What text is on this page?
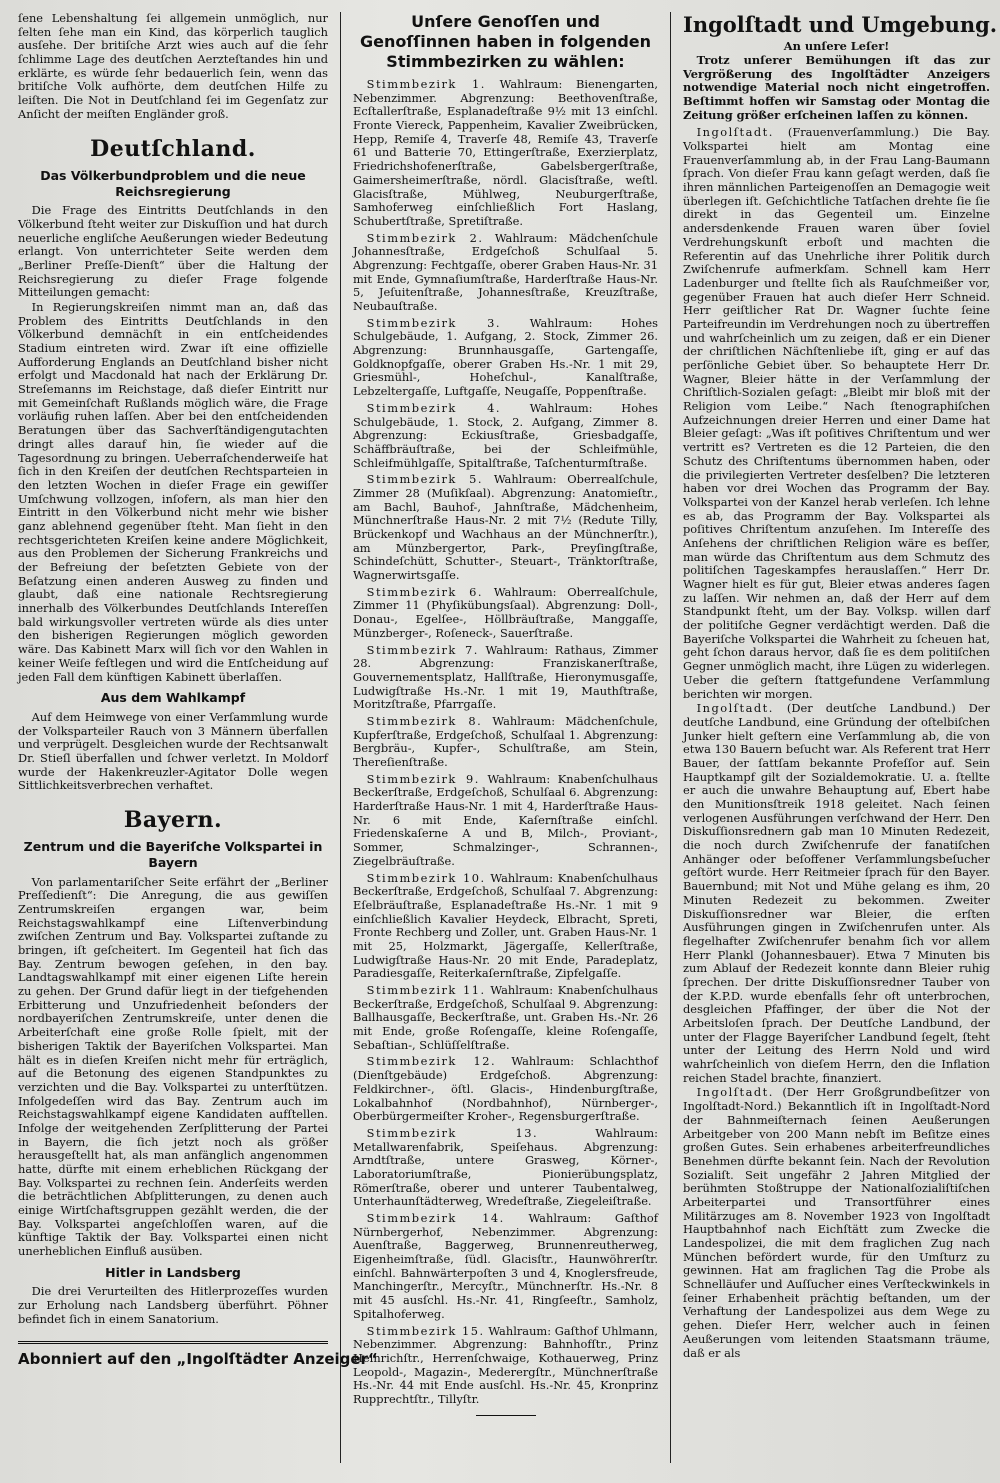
ſene Lebenshaltung ſei allgemein unmöglich, nur ſelten ſehe man ein Kind, das körperlich tauglich ausſehe. Der britiſche Arzt wies auch auf die ſehr ſchlimme Lage des deutſchen Aerzteſtandes hin und erklärte, es würde ſehr bedauerlich ſein, wenn das britiſche Volk aufhörte, dem deutſchen Hilfe zu leiſten. Die Not in Deutſchland ſei im Gegenſatz zur Anſicht der meiſten Engländer groß.

Deutſchland.
Das Völkerbundproblem und die neue Reichsregierung

Die Frage des Eintritts Deutſchlands in den Völkerbund ſteht weiter zur Diskuſſion und hat durch neuerliche engliſche Aeußerungen wieder Bedeutung erlangt. Von unterrichteter Seite werden dem „Berliner Preſſe-Dienſt“ über die Haltung der Reichsregierung zu dieſer Frage folgende Mitteilungen gemacht:

In Regierungskreiſen nimmt man an, daß das Problem des Eintritts Deutſchlands in den Völkerbund demnächſt in ein entſcheidendes Stadium eintreten wird. Zwar iſt eine offizielle Aufforderung Englands an Deutſchland bisher nicht erfolgt und Macdonald hat nach der Erklärung Dr. Streſemanns im Reichstage, daß dieſer Eintritt nur mit Gemeinſchaft Rußlands möglich wäre, die Frage vorläufig ruhen laſſen. Aber bei den entſcheidenden Beratungen über das Sachverſtändigengutachten dringt alles darauf hin, ſie wieder auf die Tagesordnung zu bringen. Ueberraſchenderweiſe hat ſich in den Kreiſen der deutſchen Rechtsparteien in den letzten Wochen in dieſer Frage ein gewiſſer Umſchwung vollzogen, inſofern, als man hier den Eintritt in den Völkerbund nicht mehr wie bisher ganz ablehnend gegenüber ſteht. Man ſieht in den rechtsgerichteten Kreiſen keine andere Möglichkeit, aus den Problemen der Sicherung Frankreichs und der Befreiung der beſetzten Gebiete von der Beſatzung einen anderen Ausweg zu finden und glaubt, daß eine nationale Rechtsregierung innerhalb des Völkerbundes Deutſchlands Intereſſen bald wirkungsvoller vertreten würde als dies unter den bisherigen Regierungen möglich geworden wäre. Das Kabinett Marx will ſich vor den Wahlen in keiner Weiſe feſtlegen und wird die Entſcheidung auf jeden Fall dem künftigen Kabinett überlaſſen.

Aus dem Wahlkampf

Auf dem Heimwege von einer Verſammlung wurde der Volksparteiler Rauch von 3 Männern überfallen und verprügelt. Desgleichen wurde der Rechtsanwalt Dr. Stieſl überfallen und ſchwer verletzt. In Moldorf wurde der Hakenkreuzler-Agitator Dolle wegen Sittlichkeitsverbrechen verhaftet.

Bayern.
Zentrum und die Bayeriſche Volkspartei in Bayern

Von parlamentariſcher Seite erfährt der „Berliner Preſſedienſt“: Die Anregung, die aus gewiſſen Zentrumskreiſen ergangen war, beim Reichstagswahlkampf eine Liſtenverbindung zwiſchen Zentrum und Bay. Volkspartei zuſtande zu bringen, iſt geſcheitert. Im Gegenteil hat ſich das Bay. Zentrum bewogen geſehen, in den bay. Landtagswahlkampf mit einer eigenen Liſte herein zu gehen. Der Grund dafür liegt in der tiefgehenden Erbitterung und Unzufriedenheit beſonders der nordbayeriſchen Zentrumskreiſe, unter denen die Arbeiterſchaft eine große Rolle ſpielt, mit der bisherigen Taktik der Bayeriſchen Volkspartei. Man hält es in dieſen Kreiſen nicht mehr für erträglich, auf die Betonung des eigenen Standpunktes zu verzichten und die Bay. Volkspartei zu unterſtützen. Infolgedeſſen wird das Bay. Zentrum auch im Reichstagswahlkampf eigene Kandidaten aufſtellen. Infolge der weitgehenden Zerſplitterung der Partei in Bayern, die ſich jetzt noch als größer herausgeſtellt hat, als man anfänglich angenommen hatte, dürfte mit einem erheblichen Rückgang der Bay. Volkspartei zu rechnen ſein. Anderſeits werden die beträchtlichen Abſplitterungen, zu denen auch einige Wirtſchaftsgruppen gezählt werden, die der Bay. Volkspartei angeſchloſſen waren, auf die künftige Taktik der Bay. Volkspartei einen nicht unerheblichen Einfluß ausüben.

Hitler in Landsberg

Die drei Verurteilten des Hitlerprozeſſes wurden zur Erholung nach Landsberg überführt. Pöhner befindet ſich in einem Sanatorium.

Abonniert auf den „Ingolſtädter Anzeiger“
Unſere Genoſſen und Genoſſinnen haben in folgenden Stimmbezirken zu wählen:

Stimmbezirk 1. Wahlraum: Bienengarten, Nebenzimmer. Abgrenzung: Beethovenſtraße, Ecſtallerſtraße, Esplanadeſtraße 9½ mit 13 einſchl. Fronte Viereck, Pappenheim, Kavalier Zweibrücken, Hepp, Remiſe 4, Traverſe 48, Remiſe 43, Traverſe 61 und Batterie 70, Ettingerſtraße, Exerzierplatz, Friedrichshofenerſtraße, Gabelsbergerſtraße, Gaimersheimerſtraße, nördl. Glacisſtraße, weſtl. Glacisſtraße, Mühlweg, Neuburgerſtraße, Samhoferweg einſchließlich Fort Haslang, Schubertſtraße, Spretiſtraße.

Stimmbezirk 2. Wahlraum: Mädchenſchule Johannesſtraße, Erdgeſchoß Schulſaal 5. Abgrenzung: Fechtgaſſe, oberer Graben Haus-Nr. 31 mit Ende, Gymnaſiumſtraße, Harderſtraße Haus-Nr. 5, Jeſuitenſtraße, Johannesſtraße, Kreuzſtraße, Neubauſtraße.

Stimmbezirk 3.	Wahlraum: Hohes Schulgebäude, 1. Aufgang, 2. Stock, Zimmer 26. Abgrenzung: Brunnhausgaſſe, Gartengaſſe, Goldknopfgaſſe, oberer Graben Hs.-Nr. 1 mit 29, Griesmühl-, Hoheſchul-, Kanalſtraße, Lebzeltergaſſe, Luftgaſſe, Neugaſſe, Poppenſtraße.

Stimmbezirk 4.	Wahlraum: Hohes Schulgebäude, 1. Stock, 2. Aufgang, Zimmer 8. Abgrenzung: Eckiusſtraße, Griesbadgaſſe, Schäffbräuſtraße, bei der Schleifmühle, Schleifmühlgaſſe, Spitalſtraße, Taſchenturmſtraße.

Stimmbezirk 5. Wahlraum: Oberrealſchule, Zimmer 28 (Muſikſaal). Abgrenzung: Anatomieſtr., am Bachl, Bauhof-, Jahnſtraße, Mädchenheim, Münchnerſtraße Haus-Nr. 2 mit 7½ (Redute Tilly, Brückenkopf und Wachhaus an der Münchnerſtr.), am Münzbergertor, Park-, Preyſingſtraße, Schindeſchütt, Schutter-, Steuart-, Tränktorſtraße, Wagnerwirtsgaſſe.

Stimmbezirk 6. Wahlraum: Oberrealſchule, Zimmer 11 (Phyſikübungsſaal). Abgrenzung: Doll-, Donau-, Egelſee-, Höllbräuſtraße, Manggaſſe, Münzberger-, Roſeneck-, Sauerſtraße.

Stimmbezirk 7. Wahlraum: Rathaus, Zimmer 28. Abgrenzung: Franziskanerſtraße, Gouvernementsplatz, Hallſtraße, Hieronymusgaſſe, Ludwigſtraße Hs.-Nr. 1 mit 19, Mauthſtraße, Moritzſtraße, Pfarrgaſſe.

Stimmbezirk 8. Wahlraum: Mädchenſchule, Kupferſtraße, Erdgeſchoß, Schulſaal 1. Abgrenzung: Bergbräu-, Kupfer-, Schulſtraße, am Stein, Thereſienſtraße.

Stimmbezirk 9. Wahlraum: Knabenſchulhaus Beckerſtraße, Erdgeſchoß, Schulſaal 6. Abgrenzung: Harderſtraße Haus-Nr. 1 mit 4, Harderſtraße Haus-Nr. 6 mit Ende, Kaſernſtraße einſchl. Friedenskaſerne A und B, Milch-, Proviant-, Sommer, Schmalzinger-, Schrannen-, Ziegelbräuſtraße.

Stimmbezirk 10. Wahlraum: Knabenſchulhaus Beckerſtraße, Erdgeſchoß, Schulſaal 7. Abgrenzung: Eſelbräuſtraße, Esplanadeſtraße Hs.-Nr. 1 mit 9 einſchließlich Kavalier Heydeck, Elbracht, Spreti, Fronte Rechberg und Zoller, unt. Graben Haus-Nr. 1 mit 25, Holzmarkt, Jägergaſſe, Kellerſtraße, Ludwigſtraße Haus-Nr. 20 mit Ende, Paradeplatz, Paradiesgaſſe, Reiterkaſernſtraße, Zipfelgaſſe.

Stimmbezirk 11. Wahlraum: Knabenſchulhaus Beckerſtraße, Erdgeſchoß, Schulſaal 9. Abgrenzung: Ballhausgaſſe, Beckerſtraße, unt. Graben Hs.-Nr. 26 mit Ende, große Roſengaſſe, kleine Roſengaſſe, Sebaſtian-, Schlüſſelſtraße.

Stimmbezirk 12. Wahlraum: Schlachthof (Dienſtgebäude) Erdgeſchoß. Abgrenzung: Feldkirchner-, öſtl. Glacis-, Hindenburgſtraße, Lokalbahnhof (Nordbahnhof), Nürnberger-, Oberbürgermeiſter Kroher-, Regensburgerſtraße.

Stimmbezirk 13.	Wahlraum: Metallwarenfabrik, Speiſehaus. Abgrenzung: Arndtſtraße, untere Grasweg, Körner-, Laboratoriumſtraße, Pionierübungsplatz, Römerſtraße, oberer und unterer Taubentalweg, Unterhaunſtädterweg, Wredeſtraße, Ziegeleiſtraße.

Stimmbezirk 14. Wahlraum: Gaſthof Nürnbergerhof, Nebenzimmer. Abgrenzung: Auenſtraße, Baggerweg, Brunnenreutherweg, Eigenheimſtraße, ſüdl. Glacisſtr., Haunwöhrerſtr. einſchl. Bahnwärterpoſten 3 und 4, Knoglersfreude, Manchingerſtr., Mercyſtr., Münchnerſtr. Hs.-Nr. 8 mit 45 ausſchl. Hs.-Nr. 41, Ringſeeſtr., Samholz, Spitalhoferweg.

Stimmbezirk 15. Wahlraum: Gaſthof Uhlmann, Nebenzimmer. Abgrenzung: Bahnhofſtr., Prinz Heinrichſtr., Herrenſchwaige, Kothauerweg, Prinz Leopold-, Magazin-, Mederergſtr., Münchnerſtraße Hs.-Nr. 44 mit Ende ausſchl. Hs.-Nr. 45, Kronprinz Rupprechtſtr., Tillyſtr.

Ingolſtadt und Umgebung.
An unſere Leſer!

Trotz unſerer Bemühungen iſt das zur Vergrößerung des Ingolſtädter Anzeigers notwendige Material noch nicht eingetroffen. Beſtimmt hoffen wir Samstag oder Montag die Zeitung größer erſcheinen laſſen zu können.

Ingolſtadt. (Frauenverſammlung.) Die Bay. Volkspartei hielt am Montag eine Frauenverſammlung ab, in der Frau Lang-Baumann ſprach. Von dieſer Frau kann geſagt werden, daß ſie ihren männlichen Parteigenoſſen an Demagogie weit überlegen iſt. Geſchichtliche Tatſachen drehte ſie ſie direkt in das Gegenteil um. Einzelne andersdenkende Frauen waren über ſoviel Verdrehungskunſt erboſt und machten die Referentin auf das Unehrliche ihrer Politik durch Zwiſchenrufe aufmerkſam. Schnell kam Herr Ladenburger und ſtellte ſich als Rauſchmeißer vor, gegenüber Frauen hat auch dieſer Herr Schneid. Herr geiſtlicher Rat Dr. Wagner ſuchte ſeine Parteifreundin im Verdrehungen noch zu übertreffen und wahrſcheinlich um zu zeigen, daß er ein Diener der chriſtlichen Nächſtenliebe iſt, ging er auf das perſönliche Gebiet über. So behauptete Herr Dr. Wagner, Bleier hätte in der Verſammlung der Chriſtlich-Sozialen geſagt: „Bleibt mir bloß mit der Religion vom Leibe.“ Nach ſtenographiſchen Aufzeichnungen dreier Herren und einer Dame hat Bleier geſagt: „Was iſt poſitives Chriſtentum und wer vertritt es? Vertreten es die 12 Parteien, die den Schutz des Chriſtentums übernommen haben, oder die privilegierten Vertreter desſelben? Die letzteren haben vor drei Wochen das Programm der Bay. Volkspartei von der Kanzel herab verleſen. Ich lehne es ab, das Programm der Bay. Volkspartei als poſitives Chriſtentum anzuſehen. Im Intereſſe des Anſehens der chriſtlichen Religion wäre es beſſer, man würde das Chriſtentum aus dem Schmutz des politiſchen Tageskampfes herauslaſſen.“ Herr Dr. Wagner hielt es für gut, Bleier etwas anderes ſagen zu laſſen. Wir nehmen an, daß der Herr auf dem Standpunkt ſteht, um der Bay. Volksp. willen darf der politiſche Gegner verdächtigt werden. Daß die Bayeriſche Volkspartei die Wahrheit zu ſcheuen hat, geht ſchon daraus hervor, daß ſie es dem politiſchen Gegner unmöglich macht, ihre Lügen zu widerlegen. Ueber die geſtern ſtattgefundene Verſammlung berichten wir morgen.

Ingolſtadt. (Der deutſche Landbund.) Der deutſche Landbund, eine Gründung der oſtelbiſchen Junker hielt geſtern eine Verſammlung ab, die von etwa 130 Bauern beſucht war. Als Referent trat Herr Bauer, der ſattſam bekannte Profeſſor auf. Sein Hauptkampf gilt der Sozialdemokratie. U. a. ſtellte er auch die unwahre Behauptung auf, Ebert habe den Munitionsſtreik 1918 geleitet. Nach ſeinen verlogenen Ausführungen verſchwand der Herr. Den Diskuſſionsrednern gab man 10 Minuten Redezeit, die noch durch Zwiſchenrufe der fanatiſchen Anhänger oder beſoffener Verſammlungsbeſucher geſtört wurde. Herr Reitmeier ſprach für den Bayer. Bauernbund; mit Not und Mühe gelang es ihm, 20 Minuten Redezeit zu bekommen. Zweiter Diskuſſionsredner war Bleier, die erſten Ausführungen gingen in Zwiſchenrufen unter. Als flegelhafter Zwiſchenrufer benahm ſich vor allem Herr Plankl (Johannesbauer). Etwa 7 Minuten bis zum Ablauf der Redezeit konnte dann Bleier ruhig ſprechen. Der dritte Diskuſſionsredner Tauber von der K.P.D. wurde ebenfalls ſehr oft unterbrochen, desgleichen Pfaffinger, der über die Not der Arbeitsloſen ſprach. Der Deutſche Landbund, der unter der Flagge Bayeriſcher Landbund ſegelt, ſteht unter der Leitung des Herrn Nold und wird wahrſcheinlich von dieſem Herrn, den die Inflation reichen Stadel brachte, finanziert.

Ingolſtadt. (Der Herr Großgrundbeſitzer von Ingolſtadt-Nord.) Bekanntlich iſt in Ingolſtadt-Nord der Bahnmeiſternach ſeinen Aeußerungen Arbeitgeber von 200 Mann nebſt im Beſitze eines großen Gutes. Sein erhabenes arbeiterfreundliches Benehmen dürfte bekannt ſein. Nach der Revolution Sozialiſt. Seit ungefähr 2 Jahren Mitglied der berühmten Stoßtruppe der Nationalſozialiſtiſchen Arbeiterpartei und Transortführer eines Militärzuges am 8. November 1923 von Ingolſtadt Hauptbahnhof nach Eichſtätt zum Zwecke die Landespolizei, die mit dem fraglichen Zug nach München befördert wurde, für den Umſturz zu gewinnen. Hat am fraglichen Tag die Probe als Schnelläufer und Auſſucher eines Verſteckwinkels in ſeiner Erhabenheit prächtig beſtanden, um der Verhaftung der Landespolizei aus dem Wege zu gehen. Dieſer Herr, welcher auch in ſeinen Aeußerungen vom leitenden Staatsmann träume, daß er als
